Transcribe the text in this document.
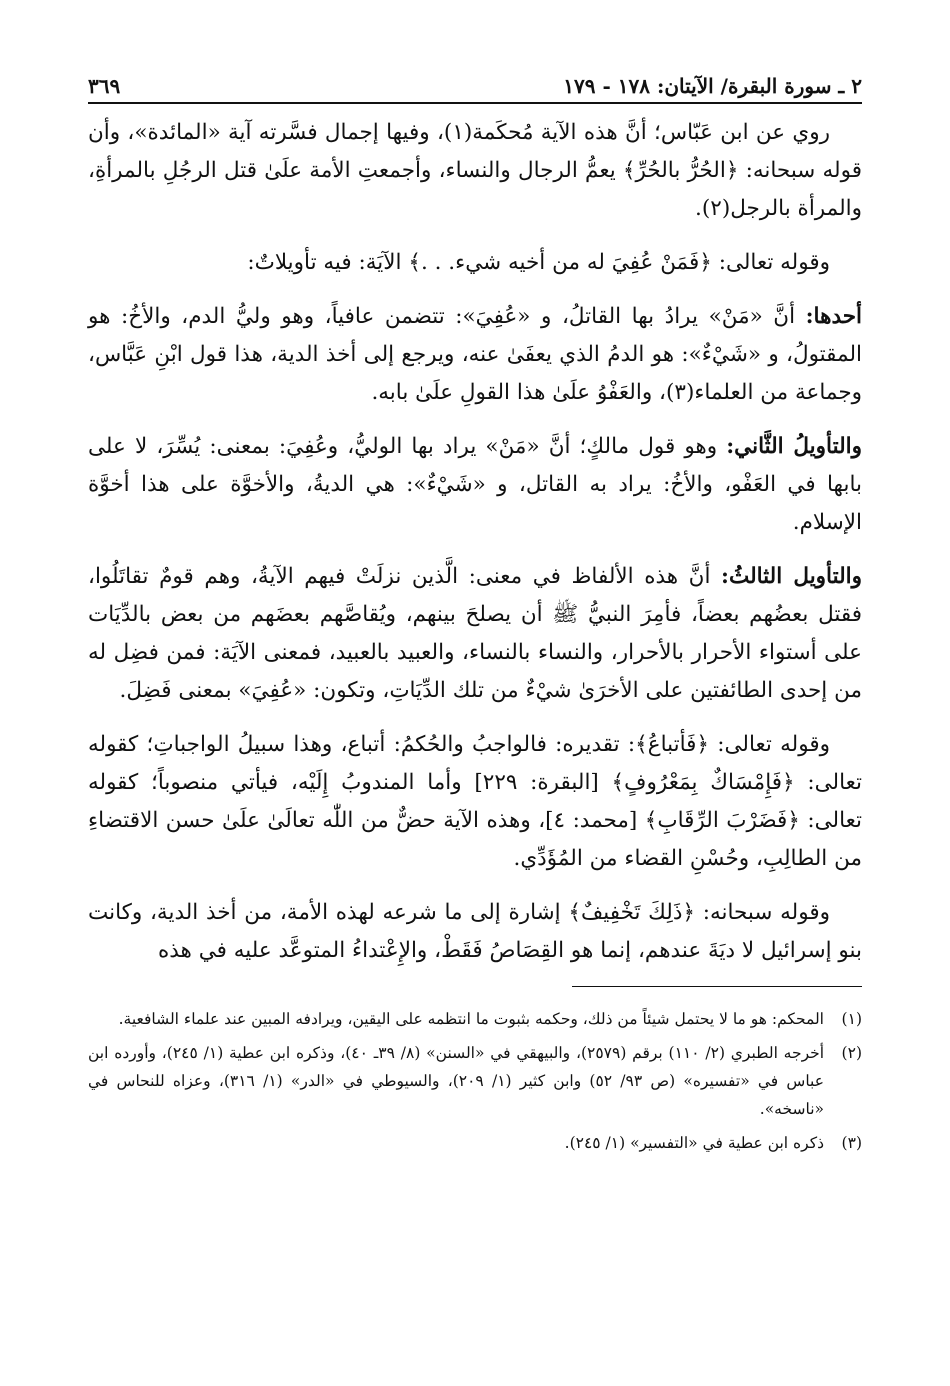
٢ ـ سورة البقرة/ الآيتان: ١٧٨ - ١٧٩
٣٦٩

روي عن ابن عَبّاس؛ أنَّ هذه الآية مُحكَمة(١)، وفيها إجمال فسَّرته آية «المائدة»، وأن قوله سبحانه: ﴿الحُرُّ بالحُرِّ﴾ يعمُّ الرجال والنساء، وأجمعتِ الأمة علَىٰ قتل الرجُلِ بالمرأةِ، والمرأة بالرجل(٢).

وقوله تعالى: ﴿فَمَنْ عُفِيَ له من أخيه شيء. . .﴾ الآيَة: فيه تأويلاتٌ:

أحدها: أنَّ «مَنْ» يرادُ بها القاتلُ، و «عُفِيَ»: تتضمن عافياً، وهو وليُّ الدم، والأخُ: هو المقتولُ، و «شَيْءٌ»: هو الدمُ الذي يعفَىٰ عنه، ويرجع إلى أخذ الدية، هذا قول ابْنِ عَبَّاس، وجماعة من العلماء(٣)، والعَفْوُ علَىٰ هذا القولِ علَىٰ بابه.

والتأويلُ الثَّاني: وهو قول مالكٍ؛ أنَّ «مَنْ» يراد بها الوليُّ، وعُفِيَ: بمعنى: يُسِّرَ، لا على بابها في العَفْو، والأخُ: يراد به القاتل، و «شَيْءٌ»: هي الديةُ، والأخوَّة على هذا أخوَّة الإسلام.

والتأويل الثالثُ: أنَّ هذه الألفاظ في معنى: الَّذين نزلَتْ فيهم الآيةُ، وهم قومٌ تقاتَلُوا، فقتل بعضُهم بعضاً، فأمِرَ النبيُّ ﷺ أن يصلحَ بينهم، ويُقاصَّهم بعضَهم من بعض بالدِّيَات على أستواء الأحرار بالأحرار، والنساء بالنساء، والعبيد بالعبيد، فمعنى الآيَة: فمن فضِل له من إحدى الطائفتين على الأخرَىٰ شيْءٌ من تلك الدِّيَاتِ، وتكون: «عُفِيَ» بمعنى فَضِلَ.

وقوله تعالى: ﴿فَأتباعُ﴾: تقديره: فالواجبُ والحُكمُ: أتباع، وهذا سبيلُ الواجباتِ؛ كقوله تعالى: ﴿فَإِمْسَاكٌ بِمَعْرُوفٍ﴾ [البقرة: ٢٢٩] وأما المندوبُ إِلَيْه، فيأتي منصوباً؛ كقوله تعالى: ﴿فَضَرْبَ الرِّقَابِ﴾ [محمد: ٤]، وهذه الآية حضٌّ من اللّٰه تعالَىٰ علَىٰ حسن الاقتضاءِ من الطالِبِ، وحُسْنِ القضاء من المُؤَدِّي.

وقوله سبحانه: ﴿ذَلِكَ تَخْفِيفٌ﴾ إشارة إلى ما شرعه لهذه الأمة، من أخذ الدية، وكانت بنو إسرائيل لا ديَةَ عندهم، إنما هو القِصَاصُ فَقَطْ، والإِعْتداءُ المتوعَّد عليه في هذه

(١)
المحكم: هو ما لا يحتمل شيئاً من ذلك، وحكمه بثبوت ما انتظمه على اليقين، ويرادفه المبين عند علماء الشافعية.
(٢)
أخرجه الطبري (٢/ ١١٠) برقم (٢٥٧٩)، والبيهقي في «السنن» (٨/ ٣٩ـ ٤٠)، وذكره ابن عطية (١/ ٢٤٥)، وأورده ابن عباس في «تفسيره» (ص ٩٣/ ٥٢) وابن كثير (١/ ٢٠٩)، والسيوطي في «الدر» (١/ ٣١٦)، وعزاه للنحاس في «ناسخه».
(٣)
ذكره ابن عطية في «التفسير» (١/ ٢٤٥).
